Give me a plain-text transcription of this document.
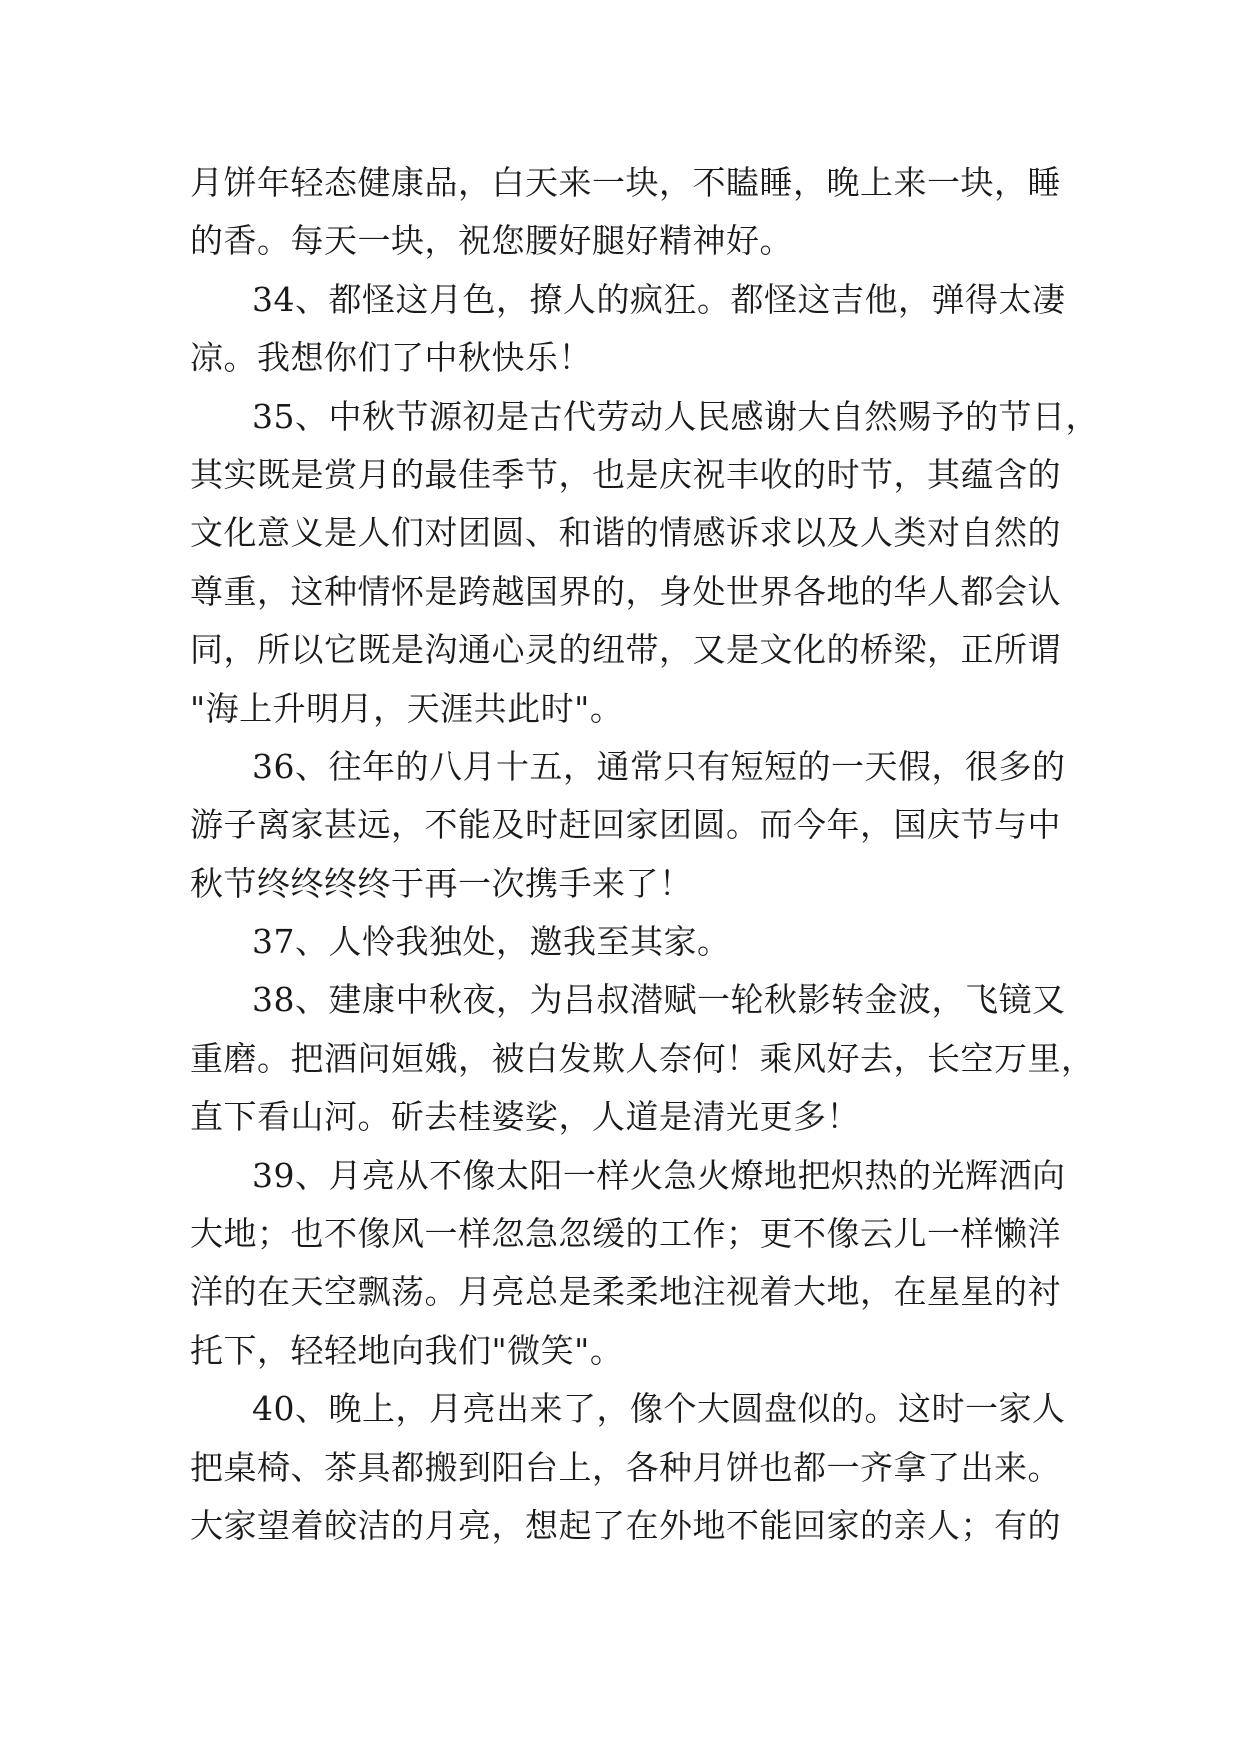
月饼年轻态健康品，白天来一块，不瞌睡，晚上来一块，睡
的香。每天一块，祝您腰好腿好精神好。
34、都怪这月色，撩人的疯狂。都怪这吉他，弹得太凄
凉。我想你们了中秋快乐！
35、中秋节源初是古代劳动人民感谢大自然赐予的节日，
其实既是赏月的最佳季节，也是庆祝丰收的时节，其蕴含的
文化意义是人们对团圆、和谐的情感诉求以及人类对自然的
尊重，这种情怀是跨越国界的，身处世界各地的华人都会认
同，所以它既是沟通心灵的纽带，又是文化的桥梁，正所谓
"海上升明月，天涯共此时"。
36、往年的八月十五，通常只有短短的一天假，很多的
游子离家甚远，不能及时赶回家团圆。而今年，国庆节与中
秋节终终终终于再一次携手来了！
37、人怜我独处，邀我至其家。
38、建康中秋夜，为吕叔潜赋一轮秋影转金波，飞镜又
重磨。把酒问姮娥，被白发欺人奈何！乘风好去，长空万里，
直下看山河。斫去桂婆娑，人道是清光更多！
39、月亮从不像太阳一样火急火燎地把炽热的光辉洒向
大地；也不像风一样忽急忽缓的工作；更不像云儿一样懒洋
洋的在天空飘荡。月亮总是柔柔地注视着大地，在星星的衬
托下，轻轻地向我们"微笑"。
40、晚上，月亮出来了，像个大圆盘似的。这时一家人
把桌椅、茶具都搬到阳台上，各种月饼也都一齐拿了出来。
大家望着皎洁的月亮，想起了在外地不能回家的亲人；有的
